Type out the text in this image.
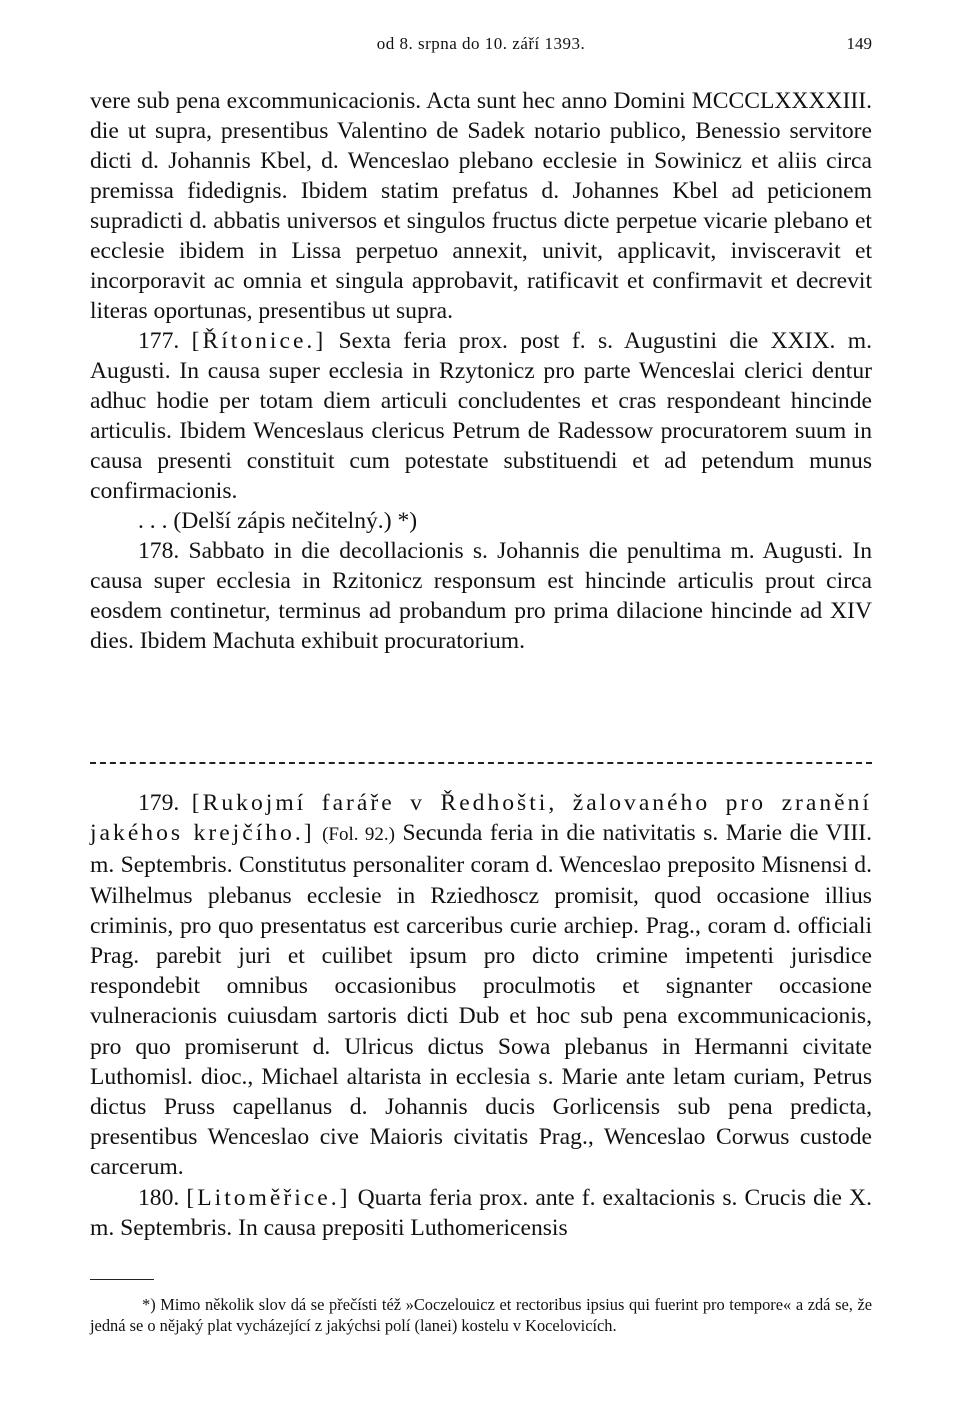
od 8. srpna do 10. září 1393.	149

vere sub pena excommunicacionis. Acta sunt hec anno Domini MCCCLXXXXIII. die ut supra, presentibus Valentino de Sadek notario publico, Benessio servitore dicti d. Johannis Kbel, d. Wenceslao plebano ecclesie in Sowinicz et aliis circa premissa fidedignis. Ibidem statim prefatus d. Johannes Kbel ad peticionem supradicti d. abbatis universos et singulos fructus dicte perpetue vicarie plebano et ecclesie ibidem in Lissa perpetuo annexit, univit, applicavit, invisceravit et incorporavit ac omnia et singula approbavit, ratificavit et confirmavit et decrevit literas oportunas, presentibus ut supra.

177. [Řítonice.] Sexta feria prox. post f. s. Augustini die XXIX. m. Augusti. In causa super ecclesia in Rzytonicz pro parte Wenceslai clerici dentur adhuc hodie per totam diem articuli concludentes et cras respondeant hincinde articulis. Ibidem Wenceslaus clericus Petrum de Radessow procuratorem suum in causa presenti constituit cum potestate substituendi et ad petendum munus confirmacionis.

. . . (Delší zápis nečitelný.) *)

178. Sabbato in die decollacionis s. Johannis die penultima m. Augusti. In causa super ecclesia in Rzitonicz responsum est hincinde articulis prout circa eosdem continetur, terminus ad probandum pro prima dilacione hincinde ad XIV dies. Ibidem Machuta exhibuit procuratorium.

179. [Rukojmí faráře v Ředhošti, žalovaného pro zranění jakéhos krejčího.] (Fol. 92.) Secunda feria in die nativitatis s. Marie die VIII. m. Septembris. Constitutus personaliter coram d. Wenceslao preposito Misnensi d. Wilhelmus plebanus ecclesie in Rziedhoscz promisit, quod occasione illius criminis, pro quo presentatus est carceribus curie archiep. Prag., coram d. officiali Prag. parebit juri et cuilibet ipsum pro dicto crimine impetenti jurisdice respondebit omnibus occasionibus proculmotis et signanter occasione vulneracionis cuiusdam sartoris dicti Dub et hoc sub pena excommunicacionis, pro quo promiserunt d. Ulricus dictus Sowa plebanus in Hermanni civitate Luthomisl. dioc., Michael altarista in ecclesia s. Marie ante letam curiam, Petrus dictus Pruss capellanus d. Johannis ducis Gorlicensis sub pena predicta, presentibus Wenceslao cive Maioris civitatis Prag., Wenceslao Corwus custode carcerum.

180. [Litoměřice.] Quarta feria prox. ante f. exaltacionis s. Crucis die X. m. Septembris. In causa prepositi Luthomericensis

*) Mimo několik slov dá se přečísti též »Coczelouicz et rectoribus ipsius qui fuerint pro tempore« a zdá se, že jedná se o nějaký plat vycházející z jakýchsi polí (lanei) kostelu v Kocelovicích.
